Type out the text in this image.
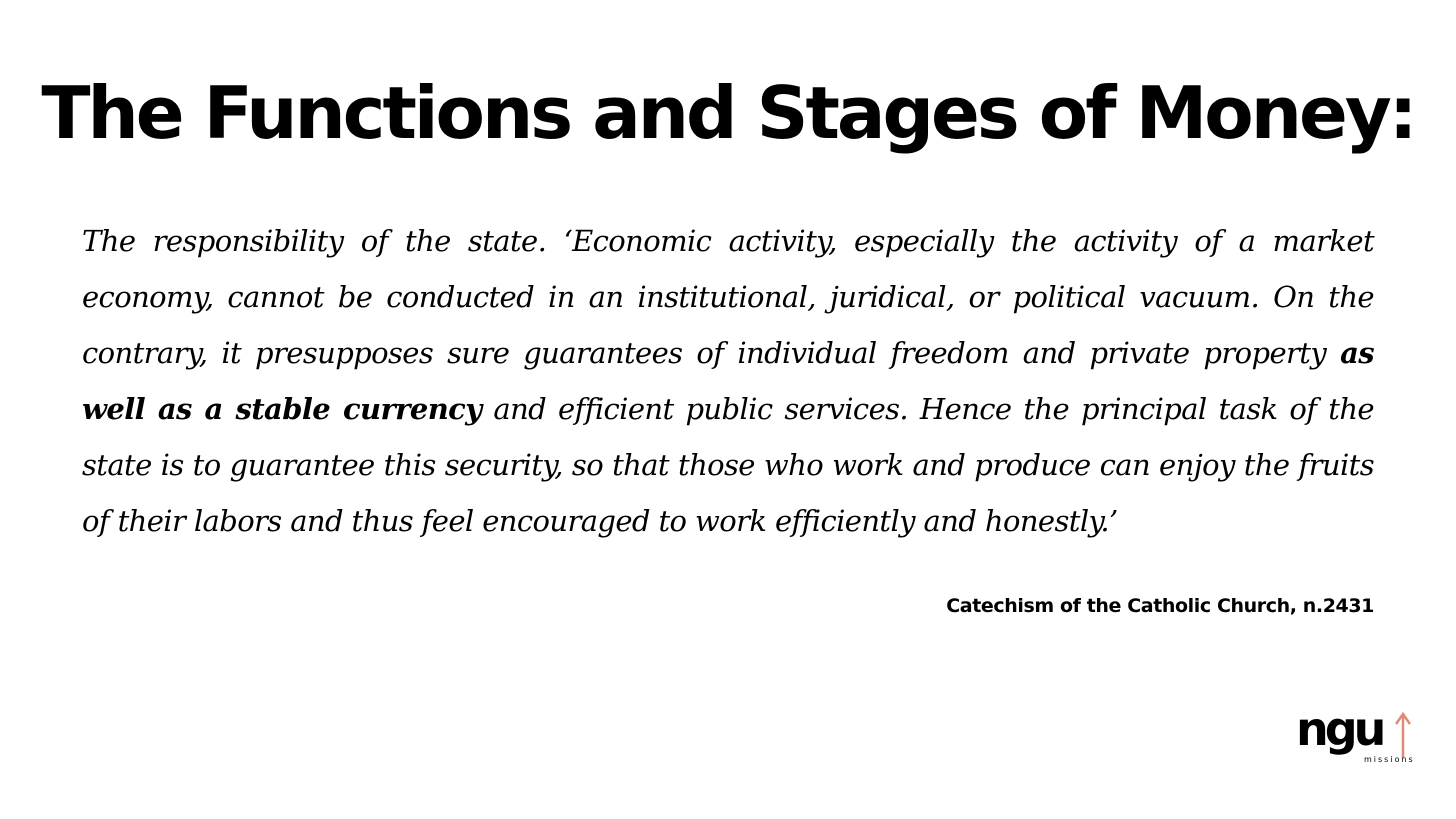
The Functions and Stages of Money:

The responsibility of the state. ‘Economic activity, especially the activity of a market economy, cannot be conducted in an institutional, juridical, or political vacuum. On the contrary, it presupposes sure guarantees of individual freedom and private property as well as a stable currency and efficient public services. Hence the principal task of the state is to guarantee this security, so that those who work and produce can enjoy the fruits of their labors and thus feel encouraged to work efficiently and honestly.’

Catechism of the Catholic Church, n.2431

ngu
missions
